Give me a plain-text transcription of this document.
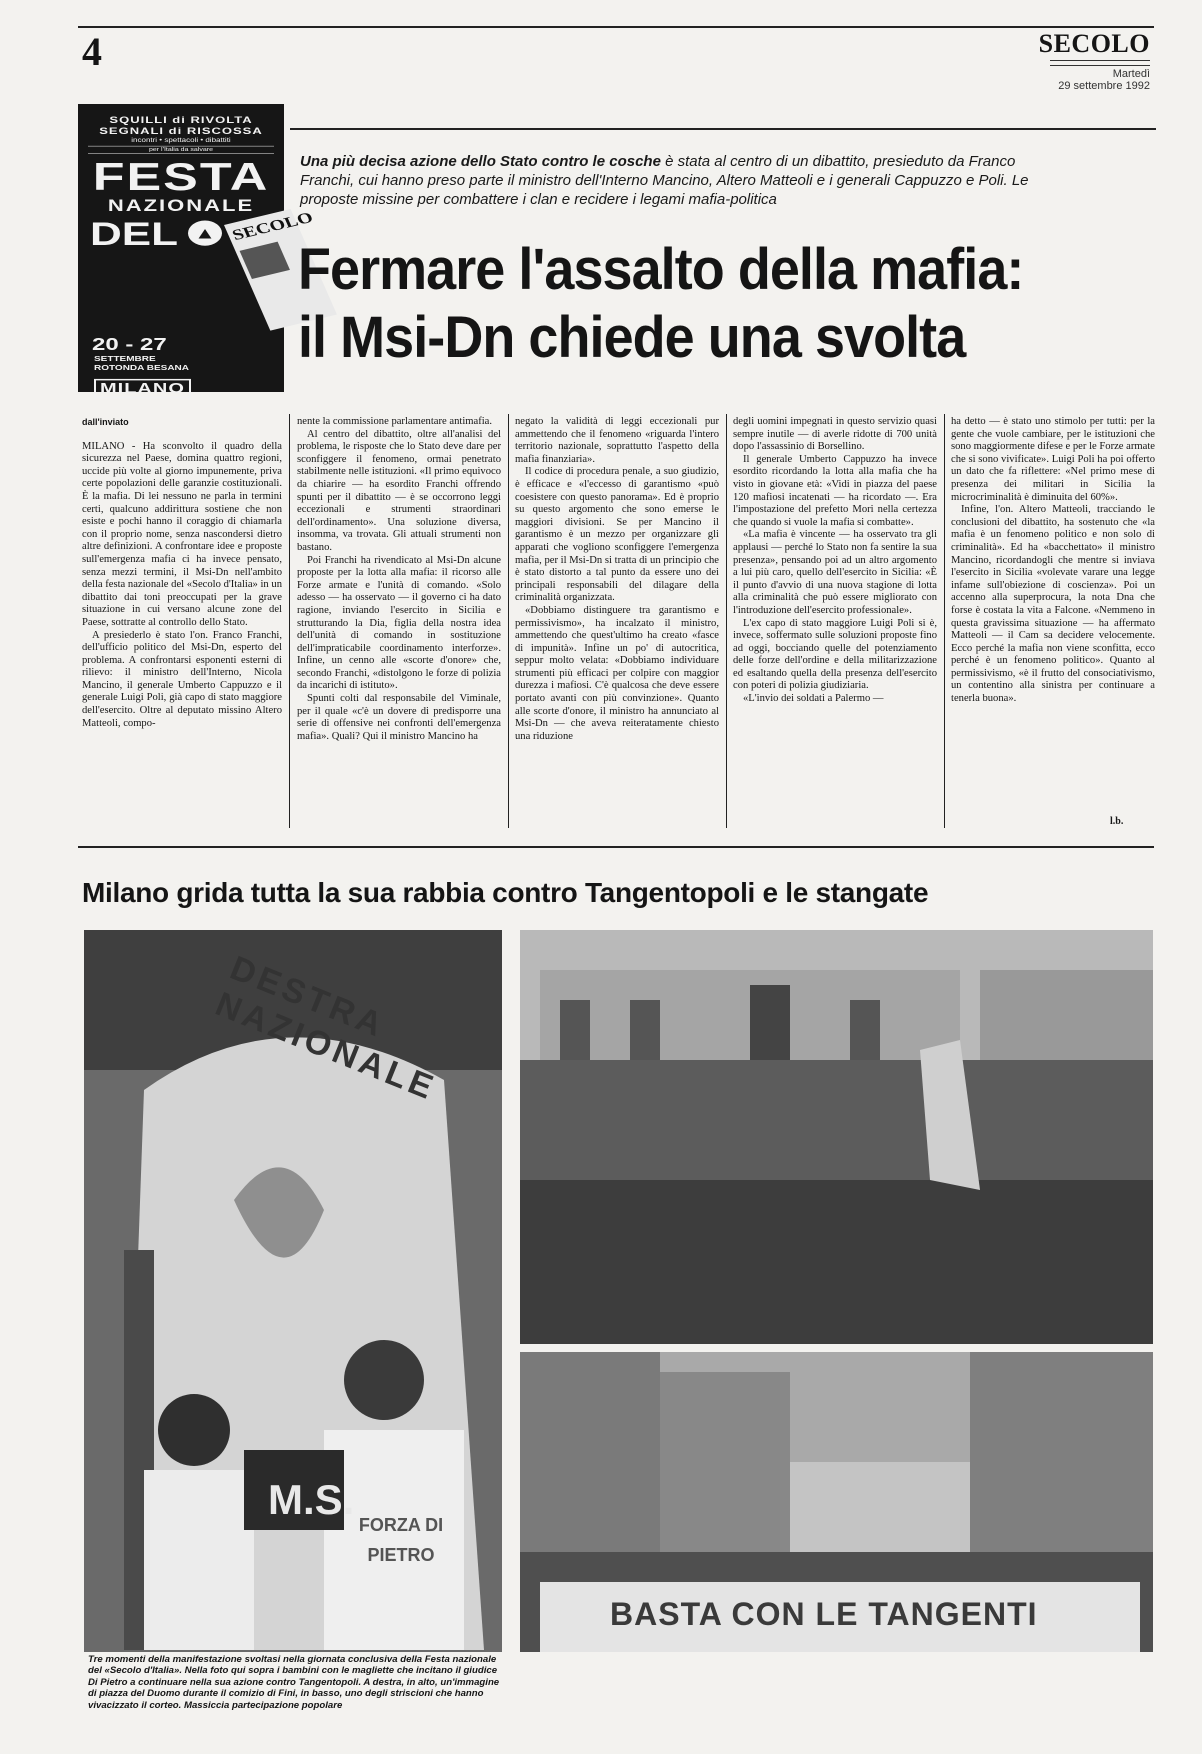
4	SECOLO
Martedì
29 settembre 1992
SQUILLI di RIVOLTA
SEGNALI di RISCOSSA
incontri • spettacoli • dibattiti
per l'Italia da salvare
FESTA
NAZIONALE
DEL ▲ SECOLO
20 - 27
SETTEMBRE
ROTONDA BESANA
MILANO
Una più decisa azione dello Stato contro le cosche è stata al centro di un dibattito, presieduto da Franco Franchi, cui hanno preso parte il ministro dell'Interno Mancino, Altero Matteoli e i generali Cappuzzo e Poli. Le proposte missine per combattere i clan e recidere i legami mafia-politica
Fermare l'assalto della mafia:
il Msi-Dn chiede una svolta
dall'inviato

MILANO - Ha sconvolto il quadro della sicurezza nel Paese, domina quattro regioni, uccide più volte al giorno impunemente, priva certe popolazioni delle garanzie costituzionali. È la mafia. Di lei nessuno ne parla in termini certi, qualcuno addirittura sostiene che non esiste e pochi hanno il coraggio di chiamarla con il proprio nome, senza nascondersi dietro altre definizioni. A confrontare idee e proposte sull'emergenza mafia ci ha invece pensato, senza mezzi termini, il Msi-Dn nell'ambito della festa nazionale del «Secolo d'Italia» in un dibattito dai toni preoccupati per la grave situazione in cui versano alcune zone del Paese, sottratte al controllo dello Stato.

A presiederlo è stato l'on. Franco Franchi, dell'ufficio politico del Msi-Dn, esperto del problema. A confrontarsi esponenti esterni di rilievo: il ministro dell'Interno, Nicola Mancino, il generale Umberto Cappuzzo e il generale Luigi Poli, già capo di stato maggiore dell'esercito. Oltre al deputato missino Altero Matteoli, compo-

nente la commissione parlamentare antimafia.

Al centro del dibattito, oltre all'analisi del problema, le risposte che lo Stato deve dare per sconfiggere il fenomeno, ormai penetrato stabilmente nelle istituzioni. «Il primo equivoco da chiarire — ha esordito Franchi offrendo spunti per il dibattito — è se occorrono leggi eccezionali e strumenti straordinari dell'ordinamento». Una soluzione diversa, insomma, va trovata. Gli attuali strumenti non bastano.

Poi Franchi ha rivendicato al Msi-Dn alcune proposte per la lotta alla mafia: il ricorso alle Forze armate e l'unità di comando. «Solo adesso — ha osservato — il governo ci ha dato ragione, inviando l'esercito in Sicilia e strutturando la Dia, figlia della nostra idea dell'unità di comando in sostituzione dell'impraticabile coordinamento interforze». Infine, un cenno alle «scorte d'onore» che, secondo Franchi, «distolgono le forze di polizia da incarichi di istituto».

Spunti colti dal responsabile del Viminale, per il quale «c'è un dovere di predisporre una serie di offensive nei confronti dell'emergenza mafia». Quali? Qui il ministro Mancino ha

negato la validità di leggi eccezionali pur ammettendo che il fenomeno «riguarda l'intero territorio nazionale, soprattutto l'aspetto della mafia finanziaria».

Il codice di procedura penale, a suo giudizio, è efficace e «l'eccesso di garantismo «può coesistere con questo panorama». Ed è proprio su questo argomento che sono emerse le maggiori divisioni. Se per Mancino il garantismo è un mezzo per organizzare gli apparati che vogliono sconfiggere l'emergenza mafia, per il Msi-Dn si tratta di un principio che è stato distorto a tal punto da essere uno dei principali responsabili del dilagare della criminalità organizzata.

«Dobbiamo distinguere tra garantismo e permissivismo», ha incalzato il ministro, ammettendo che quest'ultimo ha creato «fasce di impunità». Infine un po' di autocritica, seppur molto velata: «Dobbiamo individuare strumenti più efficaci per colpire con maggior durezza i mafiosi. C'è qualcosa che deve essere portato avanti con più convinzione». Quanto alle scorte d'onore, il ministro ha annunciato al Msi-Dn — che aveva reiteratamente chiesto una riduzione

degli uomini impegnati in questo servizio quasi sempre inutile — di averle ridotte di 700 unità dopo l'assassinio di Borsellino.

Il generale Umberto Cappuzzo ha invece esordito ricordando la lotta alla mafia che ha visto in giovane età: «Vidi in piazza del paese 120 mafiosi incatenati — ha ricordato —. Era l'impostazione del prefetto Mori nella certezza che quando si vuole la mafia si combatte».

«La mafia è vincente — ha osservato tra gli applausi — perché lo Stato non fa sentire la sua presenza», pensando poi ad un altro argomento a lui più caro, quello dell'esercito in Sicilia: «È il punto d'avvio di una nuova stagione di lotta alla criminalità che può essere migliorato con l'introduzione dell'esercito professionale».

L'ex capo di stato maggiore Luigi Poli si è, invece, soffermato sulle soluzioni proposte fino ad oggi, bocciando quelle del potenziamento delle forze dell'ordine e della militarizzazione ed esaltando quella della presenza dell'esercito con poteri di polizia giudiziaria.

«L'invio dei soldati a Palermo —

ha detto — è stato uno stimolo per tutti: per la gente che vuole cambiare, per le istituzioni che sono maggiormente difese e per le Forze armate che si sono vivificate». Luigi Poli ha poi offerto un dato che fa riflettere: «Nel primo mese di presenza dei militari in Sicilia la microcriminalità è diminuita del 60%».

Infine, l'on. Altero Matteoli, tracciando le conclusioni del dibattito, ha sostenuto che «la mafia è un fenomeno politico e non solo di criminalità». Ed ha «bacchettato» il ministro Mancino, ricordandogli che mentre si inviava l'esercito in Sicilia «volevate varare una legge infame sull'obiezione di coscienza». Poi un accenno alla superprocura, la nota Dna che forse è costata la vita a Falcone. «Nemmeno in questa gravissima situazione — ha affermato Matteoli — il Cam sa decidere velocemente. Ecco perché la mafia non viene sconfitta, ecco perché è un fenomeno politico». Quanto al permissivismo, «è il frutto del consociativismo, un contentino alla sinistra per continuare a tenerla buona».

l.b.
Milano grida tutta la sua rabbia contro Tangentopoli e le stangate
DESTRA NAZIONALE
M.S.
FORZA DI PIETRO
BASTA CON LE TANGENTI
Tre momenti della manifestazione svoltasi nella giornata conclusiva della Festa nazionale del «Secolo d'Italia». Nella foto qui sopra i bambini con le magliette che incitano il giudice Di Pietro a continuare nella sua azione contro Tangentopoli. A destra, in alto, un'immagine di piazza del Duomo durante il comizio di Fini, in basso, uno degli striscioni che hanno vivacizzato il corteo. Massiccia partecipazione popolare
